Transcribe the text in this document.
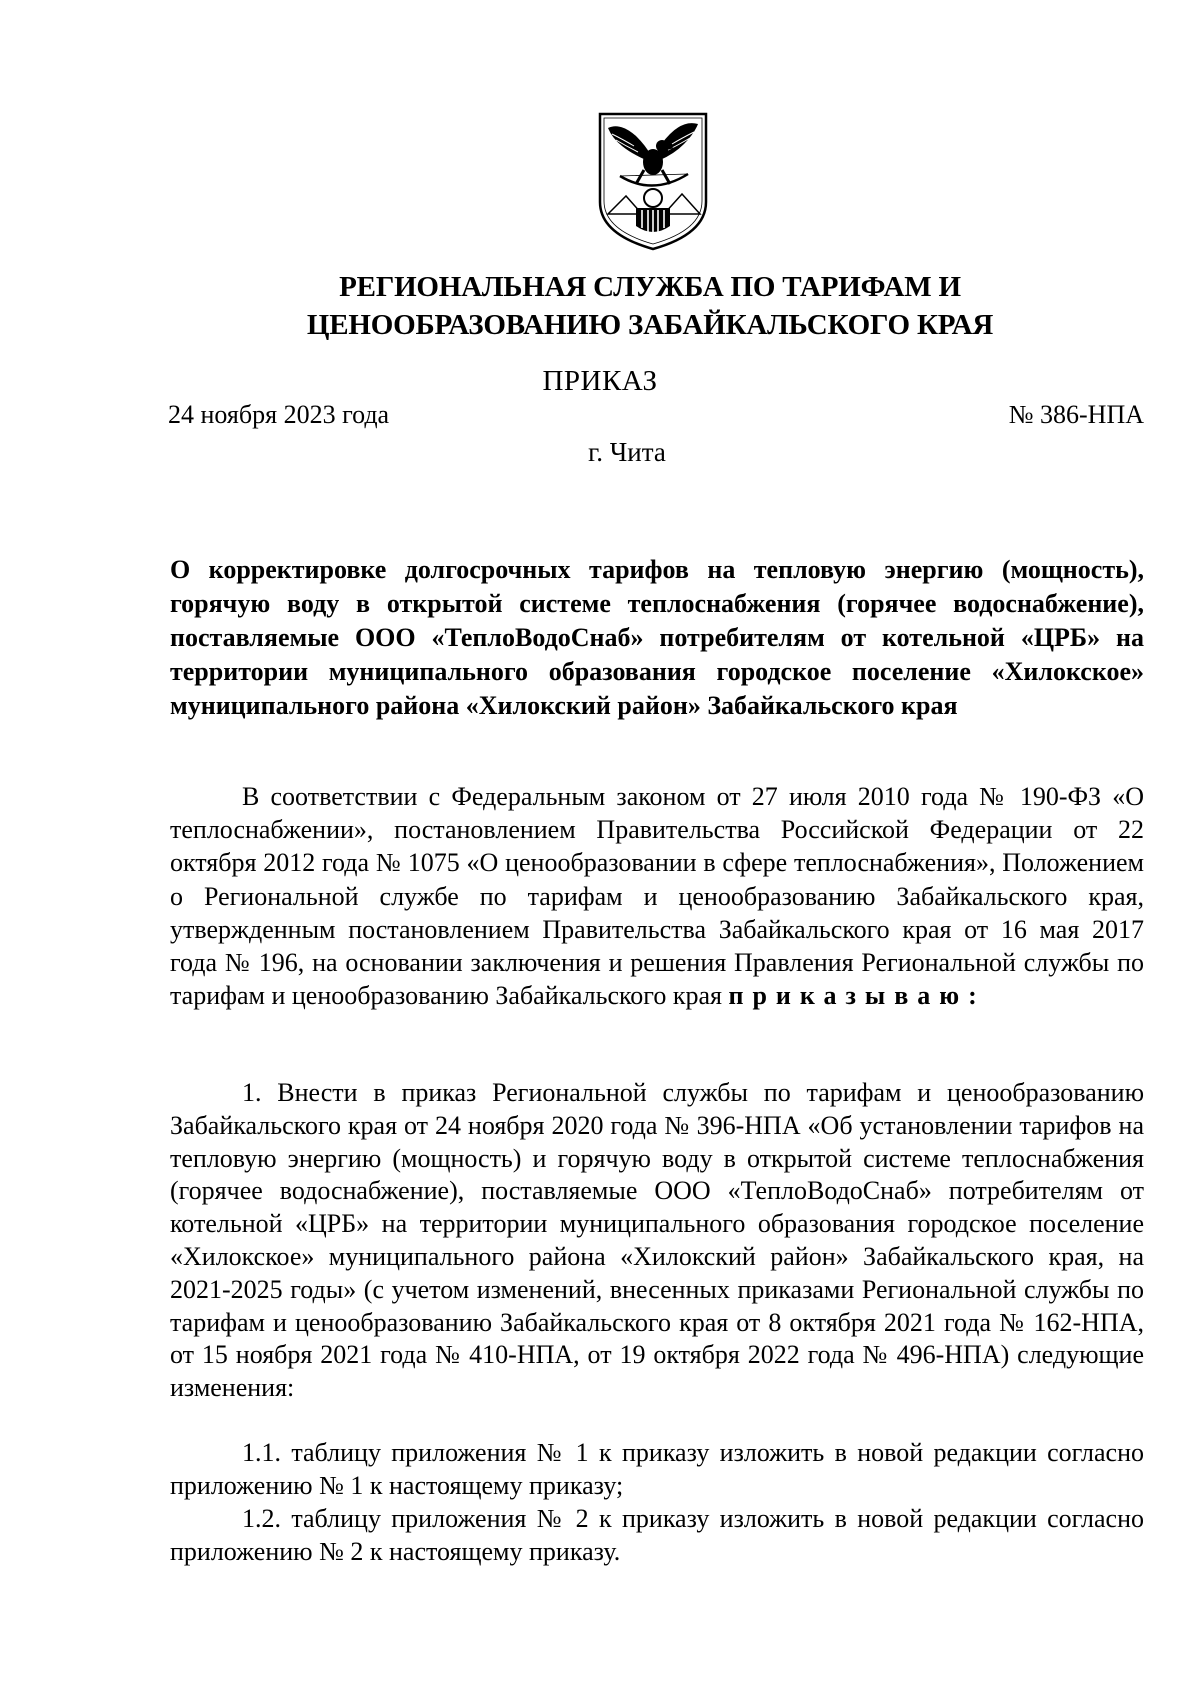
РЕГИОНАЛЬНАЯ СЛУЖБА ПО ТАРИФАМ И
ЦЕНООБРАЗОВАНИЮ ЗАБАЙКАЛЬСКОГО КРАЯ
ПРИКАЗ
24 ноября 2023 года	№ 386-НПА
г. Чита

О корректировке долгосрочных тарифов на тепловую энергию (мощность), горячую воду в открытой системе теплоснабжения (горячее водоснабжение), поставляемые ООО «ТеплоВодоСнаб» потребителям от котельной «ЦРБ» на территории муниципального образования городское поселение «Хилокское» муниципального района «Хилокский район» Забайкальского края

В соответствии с Федеральным законом от 27 июля 2010 года № 190-ФЗ «О теплоснабжении», постановлением Правительства Российской Федерации от 22 октября 2012 года № 1075 «О ценообразовании в сфере теплоснабжения», Положением о Региональной службе по тарифам и ценообразованию Забайкальского края, утвержденным постановлением Правительства Забайкальского края от 16 мая 2017 года № 196, на основании заключения и решения Правления Региональной службы по тарифам и ценообразованию Забайкальского края приказываю:

1. Внести в приказ Региональной службы по тарифам и ценообразованию Забайкальского края от 24 ноября 2020 года № 396-НПА «Об установлении тарифов на тепловую энергию (мощность) и горячую воду в открытой системе теплоснабжения (горячее водоснабжение), поставляемые ООО «ТеплоВодоСнаб» потребителям от котельной «ЦРБ» на территории муниципального образования городское поселение «Хилокское» муниципального района «Хилокский район» Забайкальского края, на 2021-2025 годы» (с учетом изменений, внесенных приказами Региональной службы по тарифам и ценообразованию Забайкальского края от 8 октября 2021 года № 162-НПА, от 15 ноября 2021 года № 410-НПА, от 19 октября 2022 года № 496-НПА) следующие изменения:

1.1. таблицу приложения № 1 к приказу изложить в новой редакции согласно приложению № 1 к настоящему приказу;

1.2. таблицу приложения № 2 к приказу изложить в новой редакции согласно приложению № 2 к настоящему приказу.
